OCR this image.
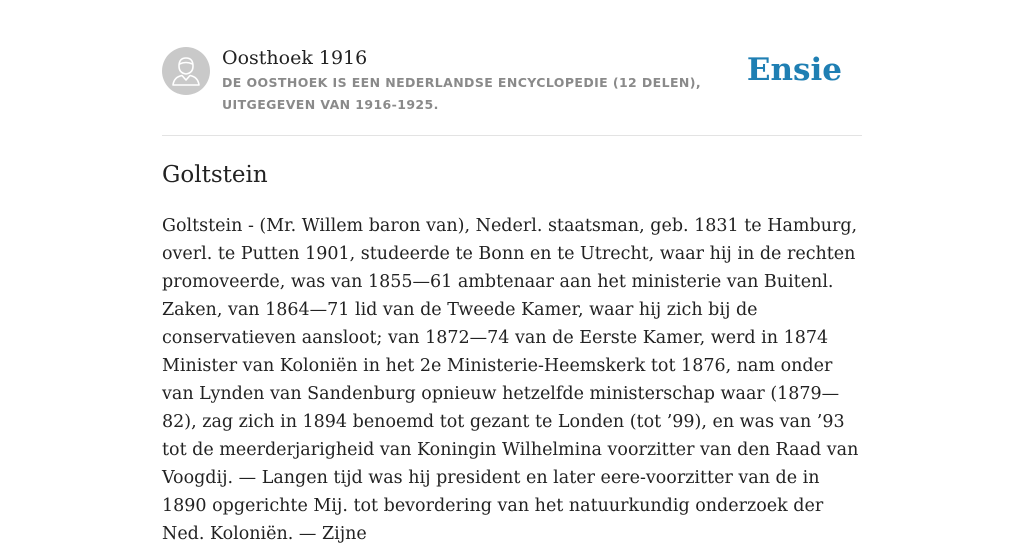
Oosthoek 1916
DE OOSTHOEK IS EEN NEDERLANDSE ENCYCLOPEDIE (12 DELEN), UITGEGEVEN VAN 1916-1925.
Ensie
Goltstein

Goltstein - (Mr. Willem baron van), Nederl. staatsman, geb. 1831 te Hamburg, overl. te Putten 1901, studeerde te Bonn en te Utrecht, waar hij in de rechten promoveerde, was van 1855—61 ambtenaar aan het ministerie van Buitenl. Zaken, van 1864—71 lid van de Tweede Kamer, waar hij zich bij de conservatieven aansloot; van 1872—74 van de Eerste Kamer, werd in 1874 Minister van Koloniën in het 2e Ministerie-Heemskerk tot 1876, nam onder van Lynden van Sandenburg opnieuw hetzelfde ministerschap waar (1879—82), zag zich in 1894 benoemd tot gezant te Londen (tot ’99), en was van ’93 tot de meerderjarigheid van Koningin Wilhelmina voorzitter van den Raad van Voogdij. — Langen tijd was hij president en later eere-voorzitter van de in 1890 opgerichte Mij. tot bevordering van het natuurkundig onderzoek der Ned. Koloniën. — Zijne
